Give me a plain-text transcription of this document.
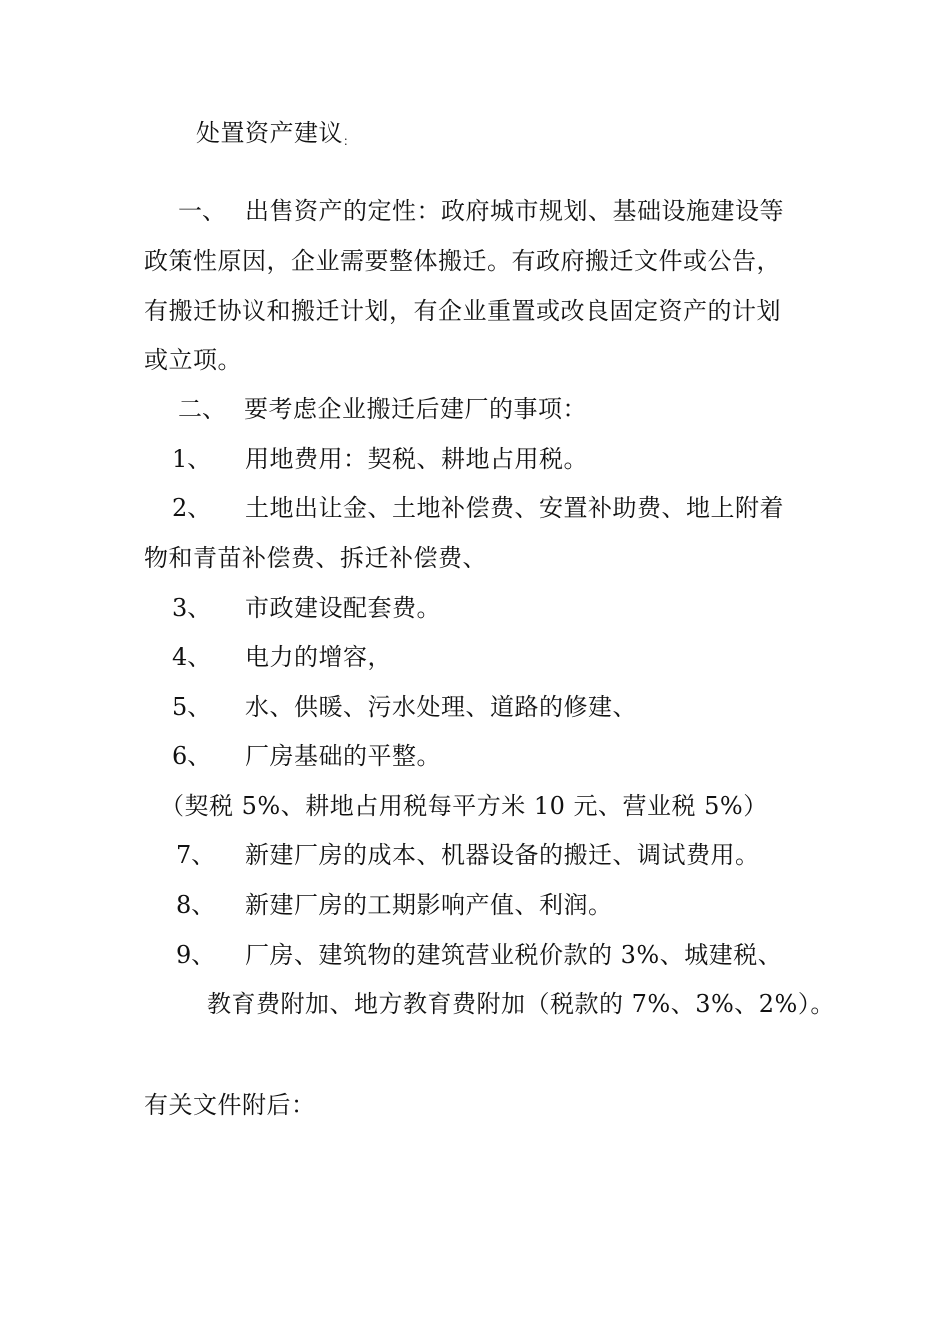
处置资产建议：
一、 出售资产的定性：政府城市规划、基础设施建设等
政策性原因，企业需要整体搬迁。有政府搬迁文件或公告，
有搬迁协议和搬迁计划，有企业重置或改良固定资产的计划
或立项。
二、 要考虑企业搬迁后建厂的事项：
1、 用地费用：契税、耕地占用税。
2、 土地出让金、土地补偿费、安置补助费、地上附着
物和青苗补偿费、拆迁补偿费、
3、 市政建设配套费。
4、 电力的增容，
5、 水、供暖、污水处理、道路的修建、
6、 厂房基础的平整。
（契税 5%、耕地占用税每平方米 10 元、营业税 5%）
7、 新建厂房的成本、机器设备的搬迁、调试费用。
8、 新建厂房的工期影响产值、利润。
9、 厂房、建筑物的建筑营业税价款的 3%、城建税、
教育费附加、地方教育费附加（税款的 7%、3%、2%）。
有关文件附后：
